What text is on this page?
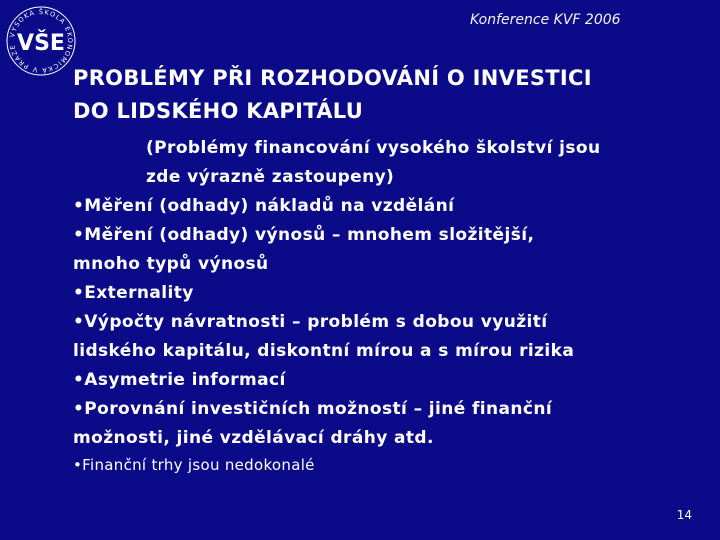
VYSOKÁ ŠKOLA EKONOMICKÁ V PRAZE VŠE
Konference KVF 2006
PROBLÉMY PŘI ROZHODOVÁNÍ O INVESTICI
DO LIDSKÉHO KAPITÁLU
(Problémy financování vysokého školství jsou
zde výrazně zastoupeny)
•Měření (odhady) nákladů na vzdělání
•Měření (odhady) výnosů – mnohem složitější,
mnoho typů výnosů
•Externality
•Výpočty návratnosti – problém s dobou využití
lidského kapitálu, diskontní mírou a s mírou rizika
•Asymetrie informací
•Porovnání investičních možností – jiné finanční
možnosti, jiné vzdělávací dráhy atd.
•Finanční trhy jsou nedokonalé
14
